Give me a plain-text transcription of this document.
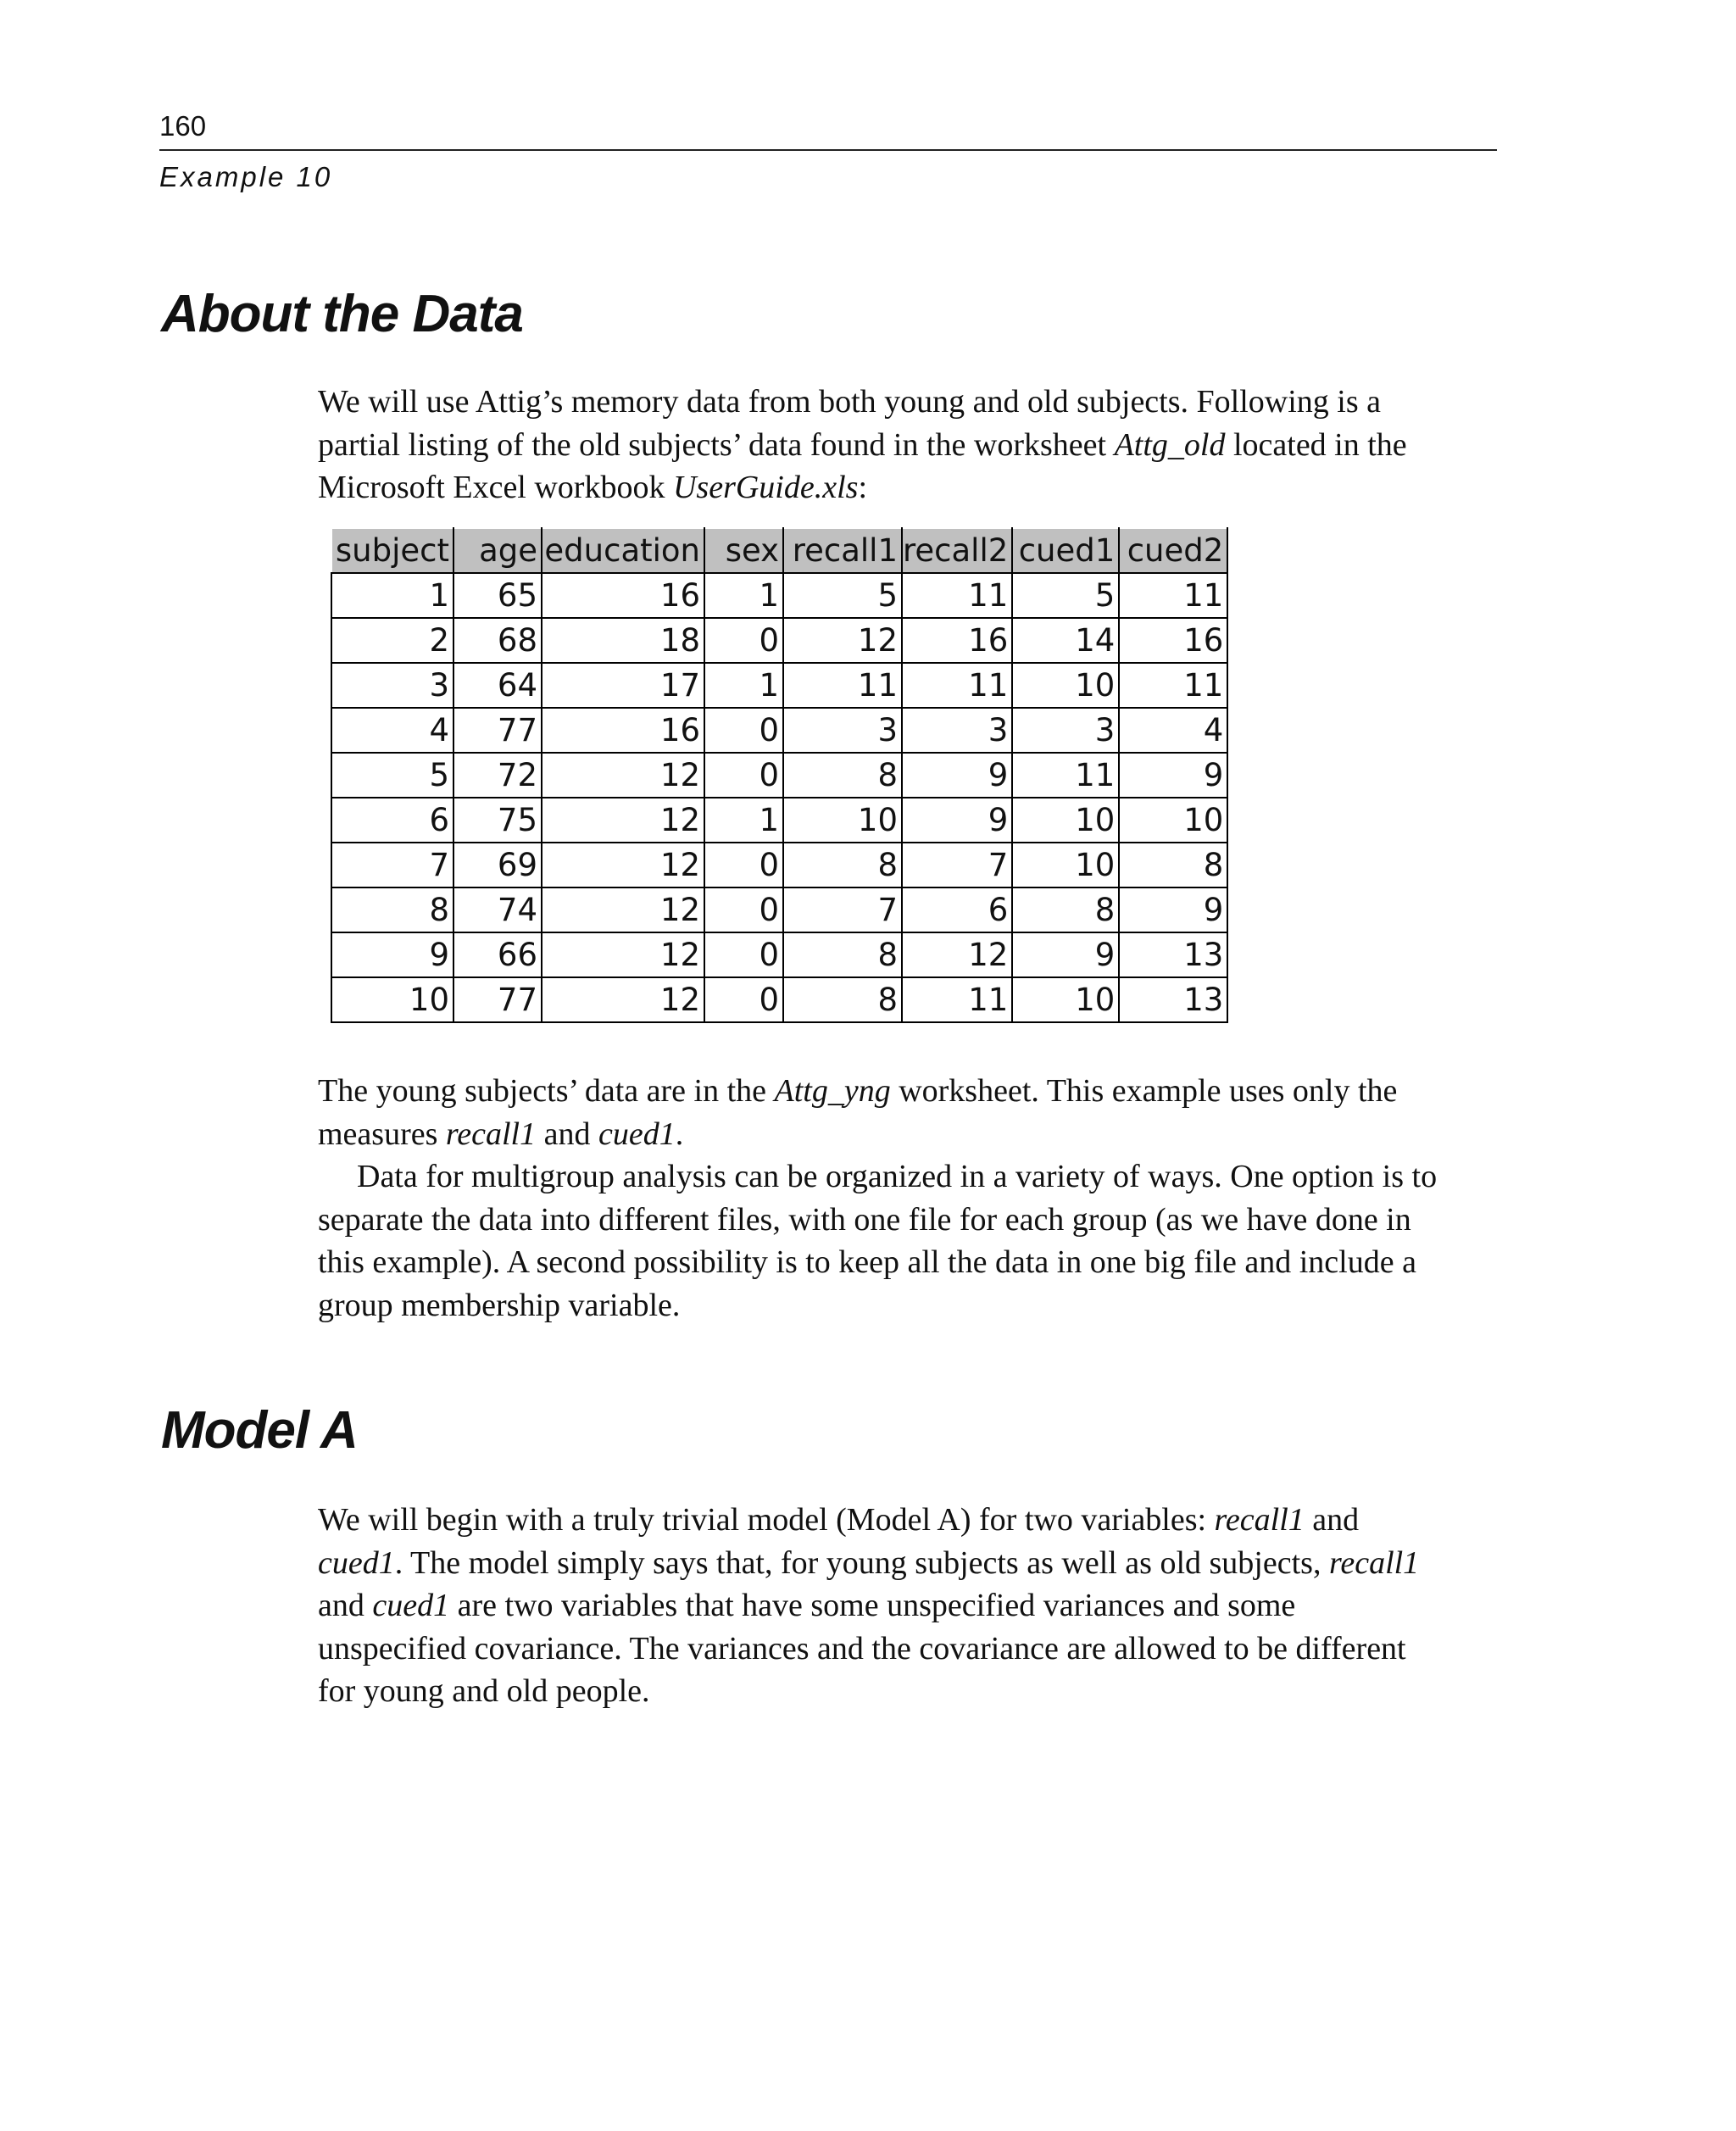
160
Example 10
About the Data

We will use Attig’s memory data from both young and old subjects. Following is a
partial listing of the old subjects’ data found in the worksheet Attg_old located in the
Microsoft Excel workbook UserGuide.xls:

subject	age	education	sex	recall1	recall2	cued1	cued2
1	65	16	1	5	11	5	11
2	68	18	0	12	16	14	16
3	64	17	1	11	11	10	11
4	77	16	0	3	3	3	4
5	72	12	0	8	9	11	9
6	75	12	1	10	9	10	10
7	69	12	0	8	7	10	8
8	74	12	0	7	6	8	9
9	66	12	0	8	12	9	13
10	77	12	0	8	11	10	13
The young subjects’ data are in the Attg_yng worksheet. This example uses only the
measures recall1 and cued1.
Data for multigroup analysis can be organized in a variety of ways. One option is to
separate the data into different files, with one file for each group (as we have done in
this example). A second possibility is to keep all the data in one big file and include a
group membership variable.
Model A

We will begin with a truly trivial model (Model A) for two variables: recall1 and
cued1. The model simply says that, for young subjects as well as old subjects, recall1
and cued1 are two variables that have some unspecified variances and some
unspecified covariance. The variances and the covariance are allowed to be different
for young and old people.
